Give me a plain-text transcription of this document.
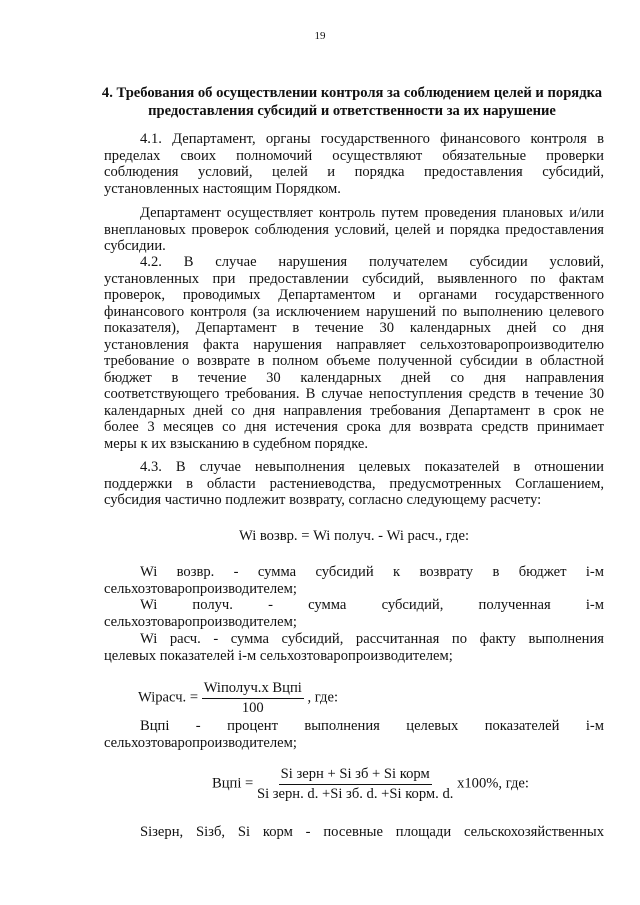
19
4. Требования об осуществлении контроля за соблюдением целей и порядка предоставления субсидий и ответственности за их нарушение
4.1. Департамент, органы государственного финансового контроля в
пределах своих полномочий осуществляют обязательные проверки
соблюдения условий, целей и порядка предоставления субсидий,
установленных настоящим Порядком.
Департамент осуществляет контроль путем проведения плановых и/или
внеплановых проверок соблюдения условий, целей и порядка предоставления
субсидии.
4.2. В случае нарушения получателем субсидии условий,
установленных при предоставлении субсидий, выявленного по фактам
проверок, проводимых Департаментом и органами государственного
финансового контроля (за исключением нарушений по выполнению целевого
показателя), Департамент в течение 30 календарных дней со дня
установления факта нарушения направляет сельхозтоваропроизводителю
требование о возврате в полном объеме полученной субсидии в областной
бюджет в течение 30 календарных дней со дня направления
соответствующего требования. В случае непоступления средств в течение 30
календарных дней со дня направления требования Департамент в срок не
более 3 месяцев со дня истечения срока для возврата средств принимает
меры к их взысканию в судебном порядке.
4.3. В случае невыполнения целевых показателей в отношении
поддержки в области растениеводства, предусмотренных Соглашением,
субсидия частично подлежит возврату, согласно следующему расчету:
Wi возвр. = Wi получ. - Wi расч., где:
Wi возвр. - сумма субсидий к возврату в бюджет i-м
сельхозтоваропроизводителем;
Wi получ. - сумма субсидий, полученная i-м
сельхозтоваропроизводителем;
Wi расч. - сумма субсидий, рассчитанная по факту выполнения
целевых показателей i-м сельхозтоваропроизводителем;
Wiрасч. = $\frac{\text{Wiполуч.x Вцпi}}{100}$ , где:
Вцпi - процент выполнения целевых показателей i-м
сельхозтоваропроизводителем;
Вцпi = $\frac{\text{Si зерн + Si зб + Si корм}}{\text{Si зерн. d. +Si зб. d. +Si корм. d.}} x100\%$, где:
Siзерн, Siзб, Si корм - посевные площади сельскохозяйственных
